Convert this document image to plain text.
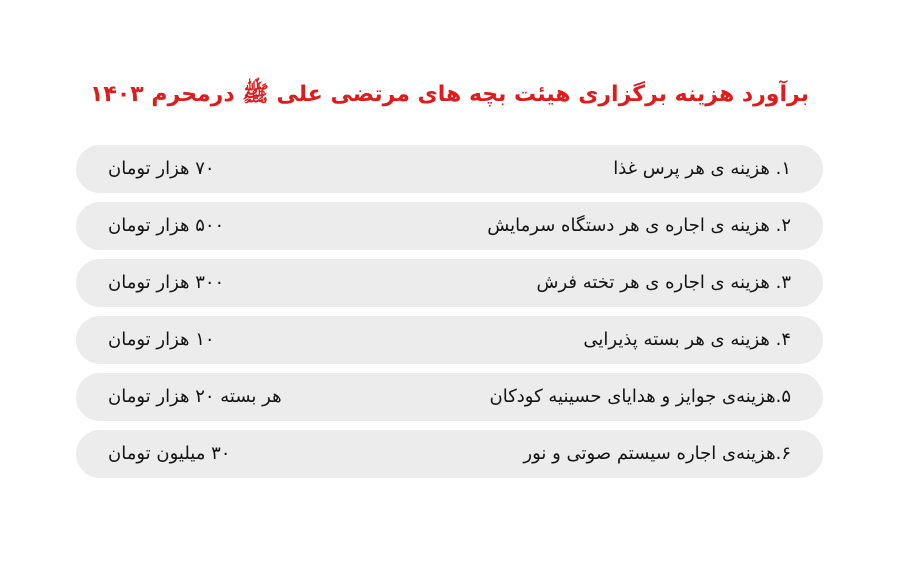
برآورد هزینه برگزاری هیئت بچه های مرتضی علی ﷺ درمحرم ۱۴۰۳
۱. هزینه ی هر پرس غذا
۷۰ هزار تومان
۲. هزینه ی اجاره ی هر دستگاه سرمایش
۵۰۰ هزار تومان
۳. هزینه ی اجاره ی هر تخته فرش
۳۰۰ هزار تومان
۴. هزینه ی هر بسته پذیرایی
۱۰ هزار تومان
۵.هزینه‌ی جوایز و هدایای حسینیه کودکان
هر بسته ۲۰ هزار تومان
۶.هزینه‌ی اجاره سیستم صوتی و نور
۳۰ میلیون تومان
